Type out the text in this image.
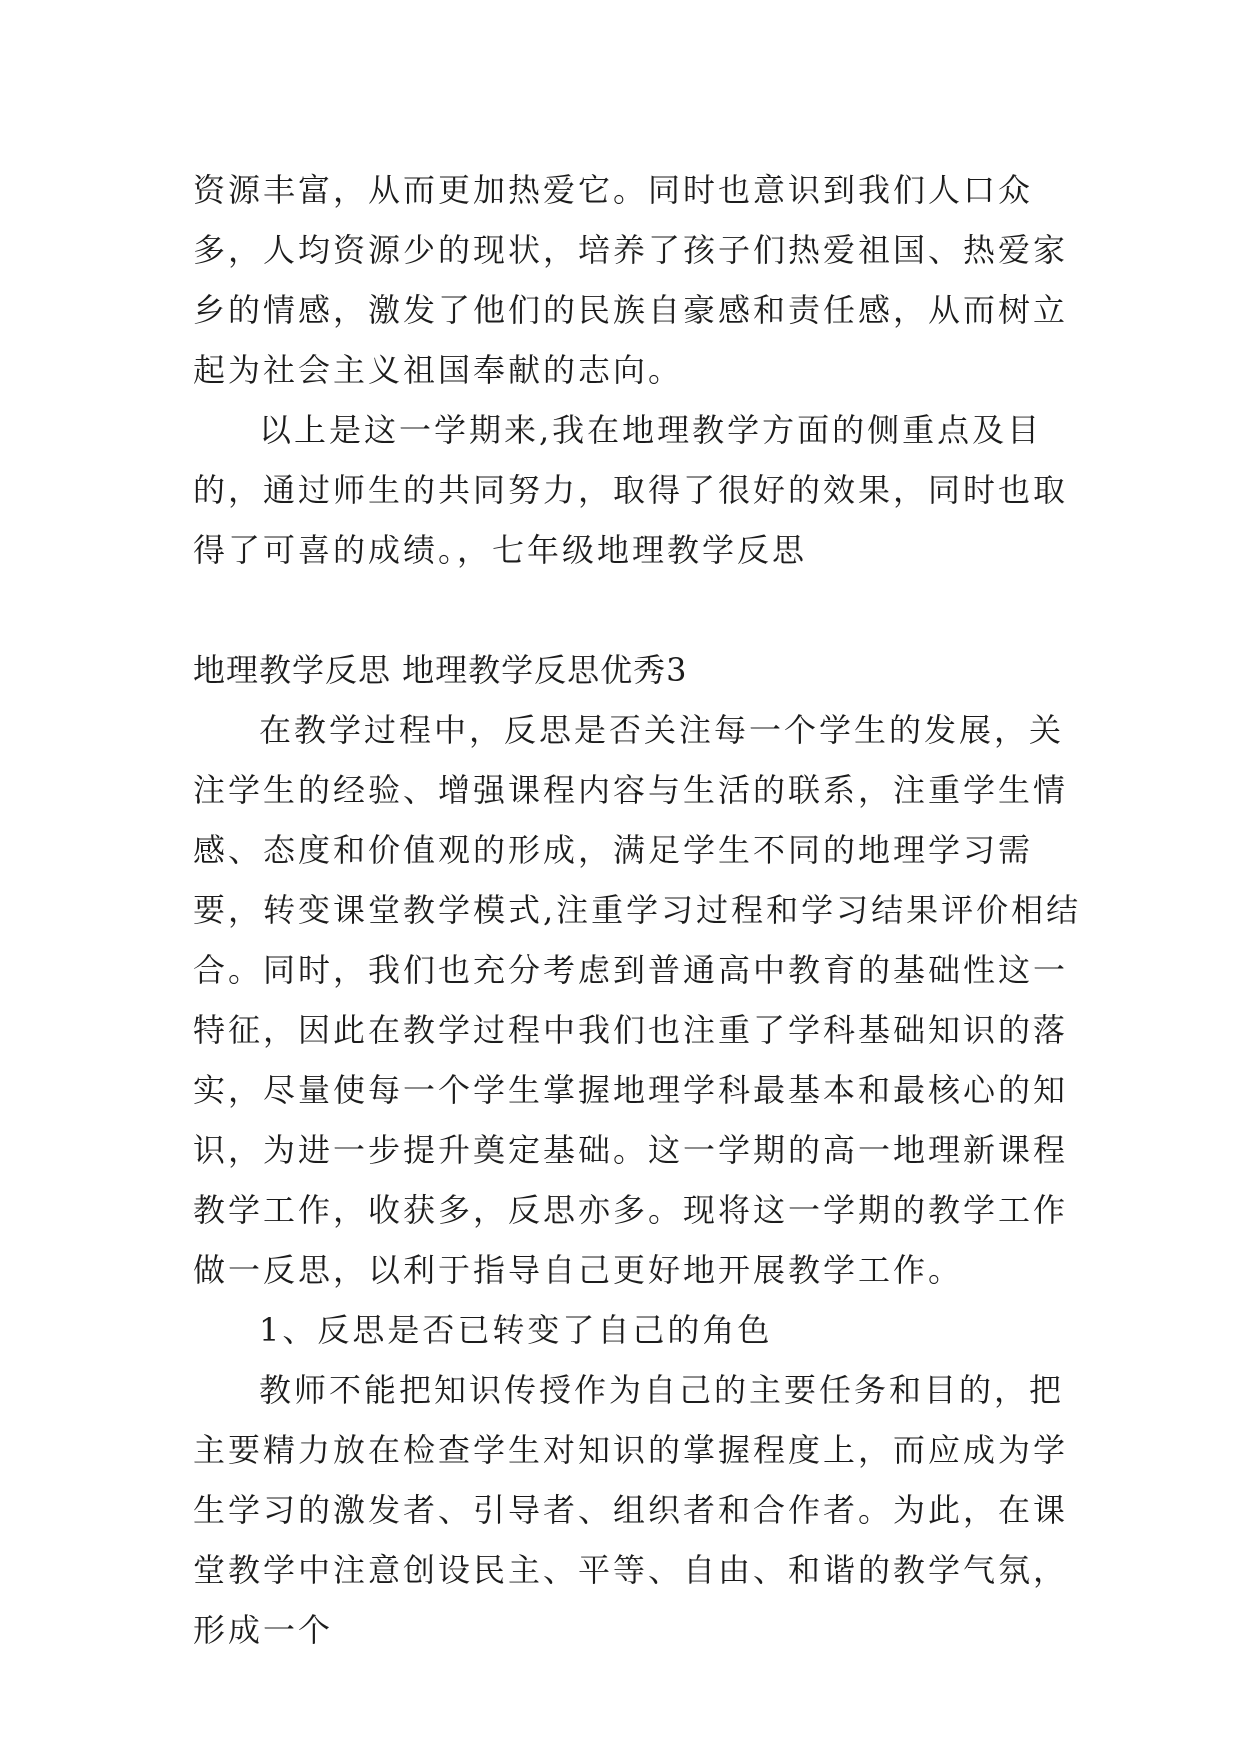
资源丰富，从而更加热爱它。同时也意识到我们人口众多，人均资源少的现状，培养了孩子们热爱祖国、热爱家乡的情感，激发了他们的民族自豪感和责任感，从而树立起为社会主义祖国奉献的志向。

以上是这一学期来,我在地理教学方面的侧重点及目的，通过师生的共同努力，取得了很好的效果，同时也取得了可喜的成绩。，七年级地理教学反思

地理教学反思 地理教学反思优秀3

在教学过程中，反思是否关注每一个学生的发展，关注学生的经验、增强课程内容与生活的联系，注重学生情感、态度和价值观的形成，满足学生不同的地理学习需要，转变课堂教学模式,注重学习过程和学习结果评价相结合。同时，我们也充分考虑到普通高中教育的基础性这一特征，因此在教学过程中我们也注重了学科基础知识的落实，尽量使每一个学生掌握地理学科最基本和最核心的知识，为进一步提升奠定基础。这一学期的高一地理新课程教学工作，收获多，反思亦多。现将这一学期的教学工作做一反思，以利于指导自己更好地开展教学工作。

1、反思是否已转变了自己的角色

教师不能把知识传授作为自己的主要任务和目的，把主要精力放在检查学生对知识的掌握程度上，而应成为学生学习的激发者、引导者、组织者和合作者。为此，在课堂教学中注意创设民主、平等、自由、和谐的教学气氛，形成一个
